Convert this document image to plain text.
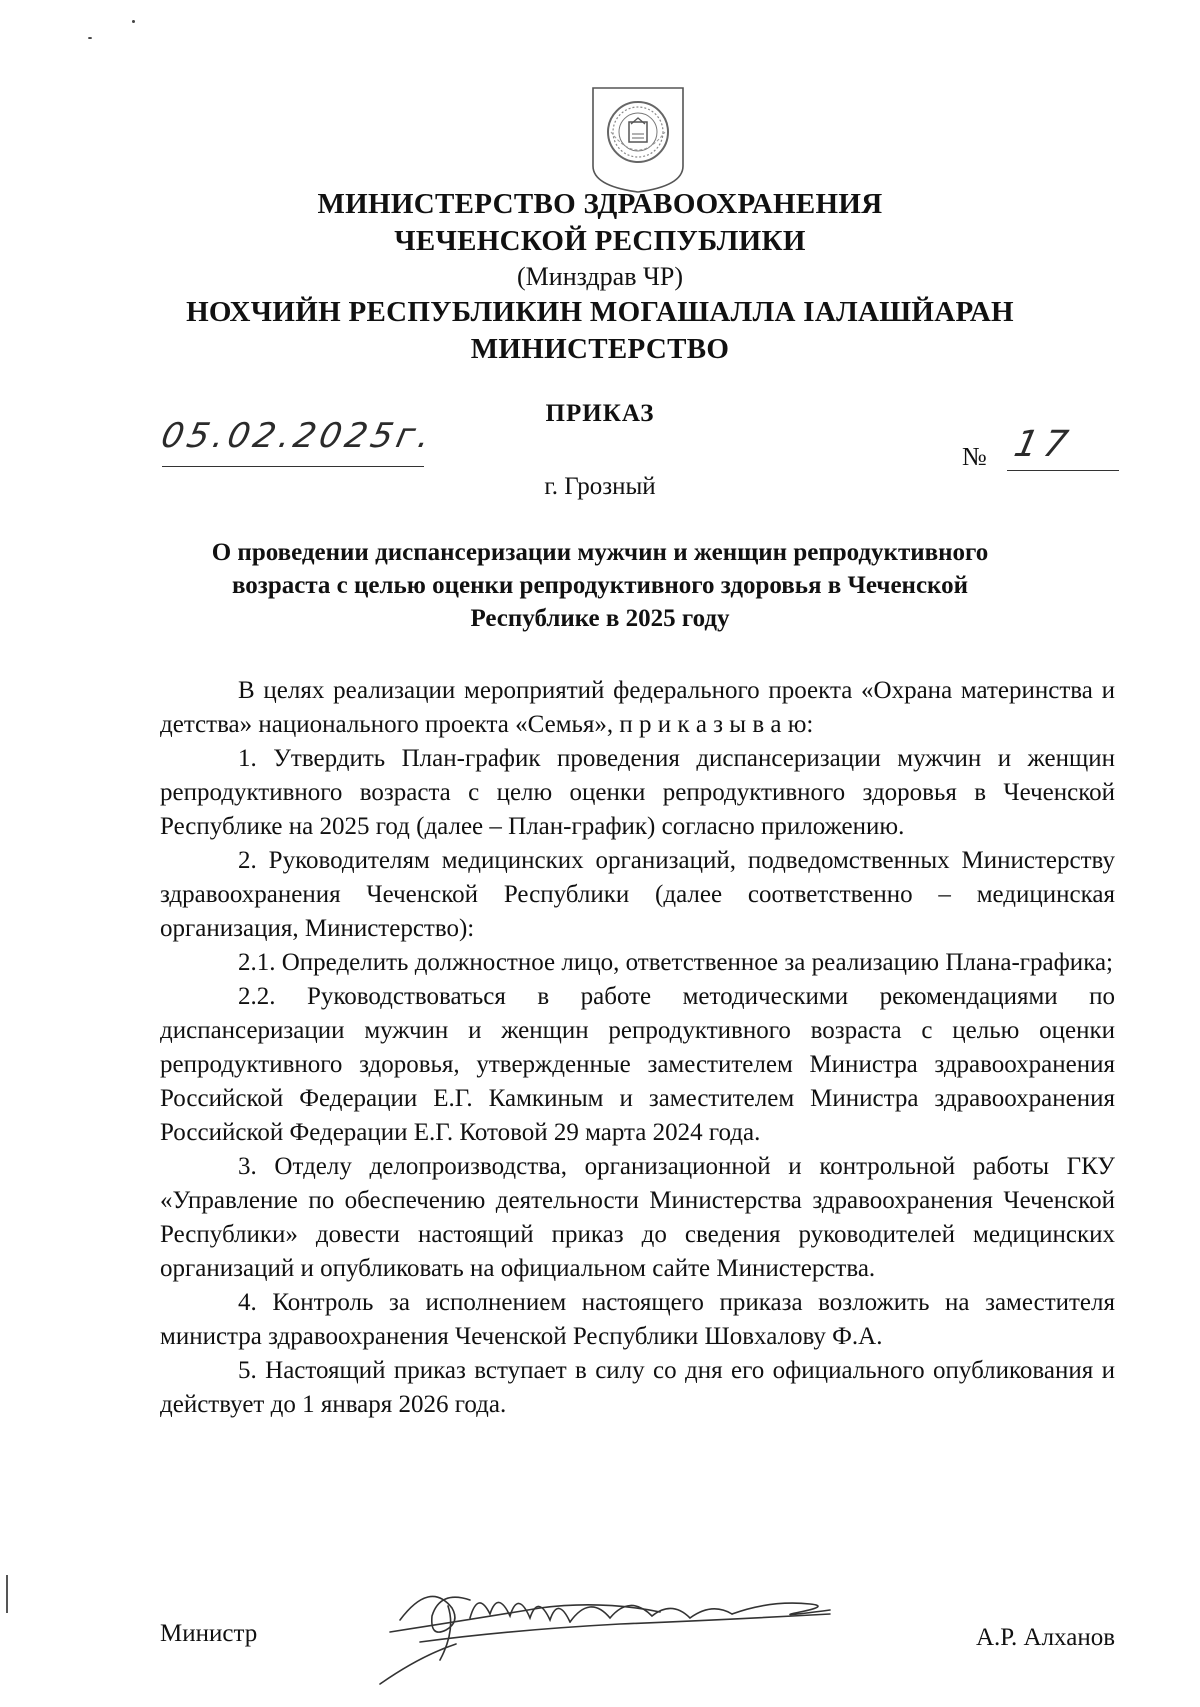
МИНИСТЕРСТВО ЗДРАВООХРАНЕНИЯ
ЧЕЧЕНСКОЙ РЕСПУБЛИКИ
(Минздрав ЧР)
НОХЧИЙН РЕСПУБЛИКИН МОГАШАЛЛА IАЛАШЙАРАН
МИНИСТЕРСТВО
ПРИКАЗ
05.02.2025г.
№ 17
г. Грозный
О проведении диспансеризации мужчин и женщин репродуктивного возраста с целью оценки репродуктивного здоровья в Чеченской Республике в 2025 году

В целях реализации мероприятий федерального проекта «Охрана материнства и детства» национального проекта «Семья», п р и к а з ы в а ю:

1. Утвердить План-график проведения диспансеризации мужчин и женщин репродуктивного возраста с целю оценки репродуктивного здоровья в Чеченской Республике на 2025 год (далее – План-график) согласно приложению.

2. Руководителям медицинских организаций, подведомственных Министерству здравоохранения Чеченской Республики (далее соответственно – медицинская организация, Министерство):

2.1. Определить должностное лицо, ответственное за реализацию Плана-графика;

2.2. Руководствоваться в работе методическими рекомендациями по диспансеризации мужчин и женщин репродуктивного возраста с целью оценки репродуктивного здоровья, утвержденные заместителем Министра здравоохранения Российской Федерации Е.Г. Камкиным и заместителем Министра здравоохранения Российской Федерации Е.Г. Котовой 29 марта 2024 года.

3. Отделу делопроизводства, организационной и контрольной работы ГКУ «Управление по обеспечению деятельности Министерства здравоохранения Чеченской Республики» довести настоящий приказ до сведения руководителей медицинских организаций и опубликовать на официальном сайте Министерства.

4. Контроль за исполнением настоящего приказа возложить на заместителя министра здравоохранения Чеченской Республики Шовхалову Ф.А.

5. Настоящий приказ вступает в силу со дня его официального опубликования и действует до 1 января 2026 года.

Министр	А.Р. Алханов
